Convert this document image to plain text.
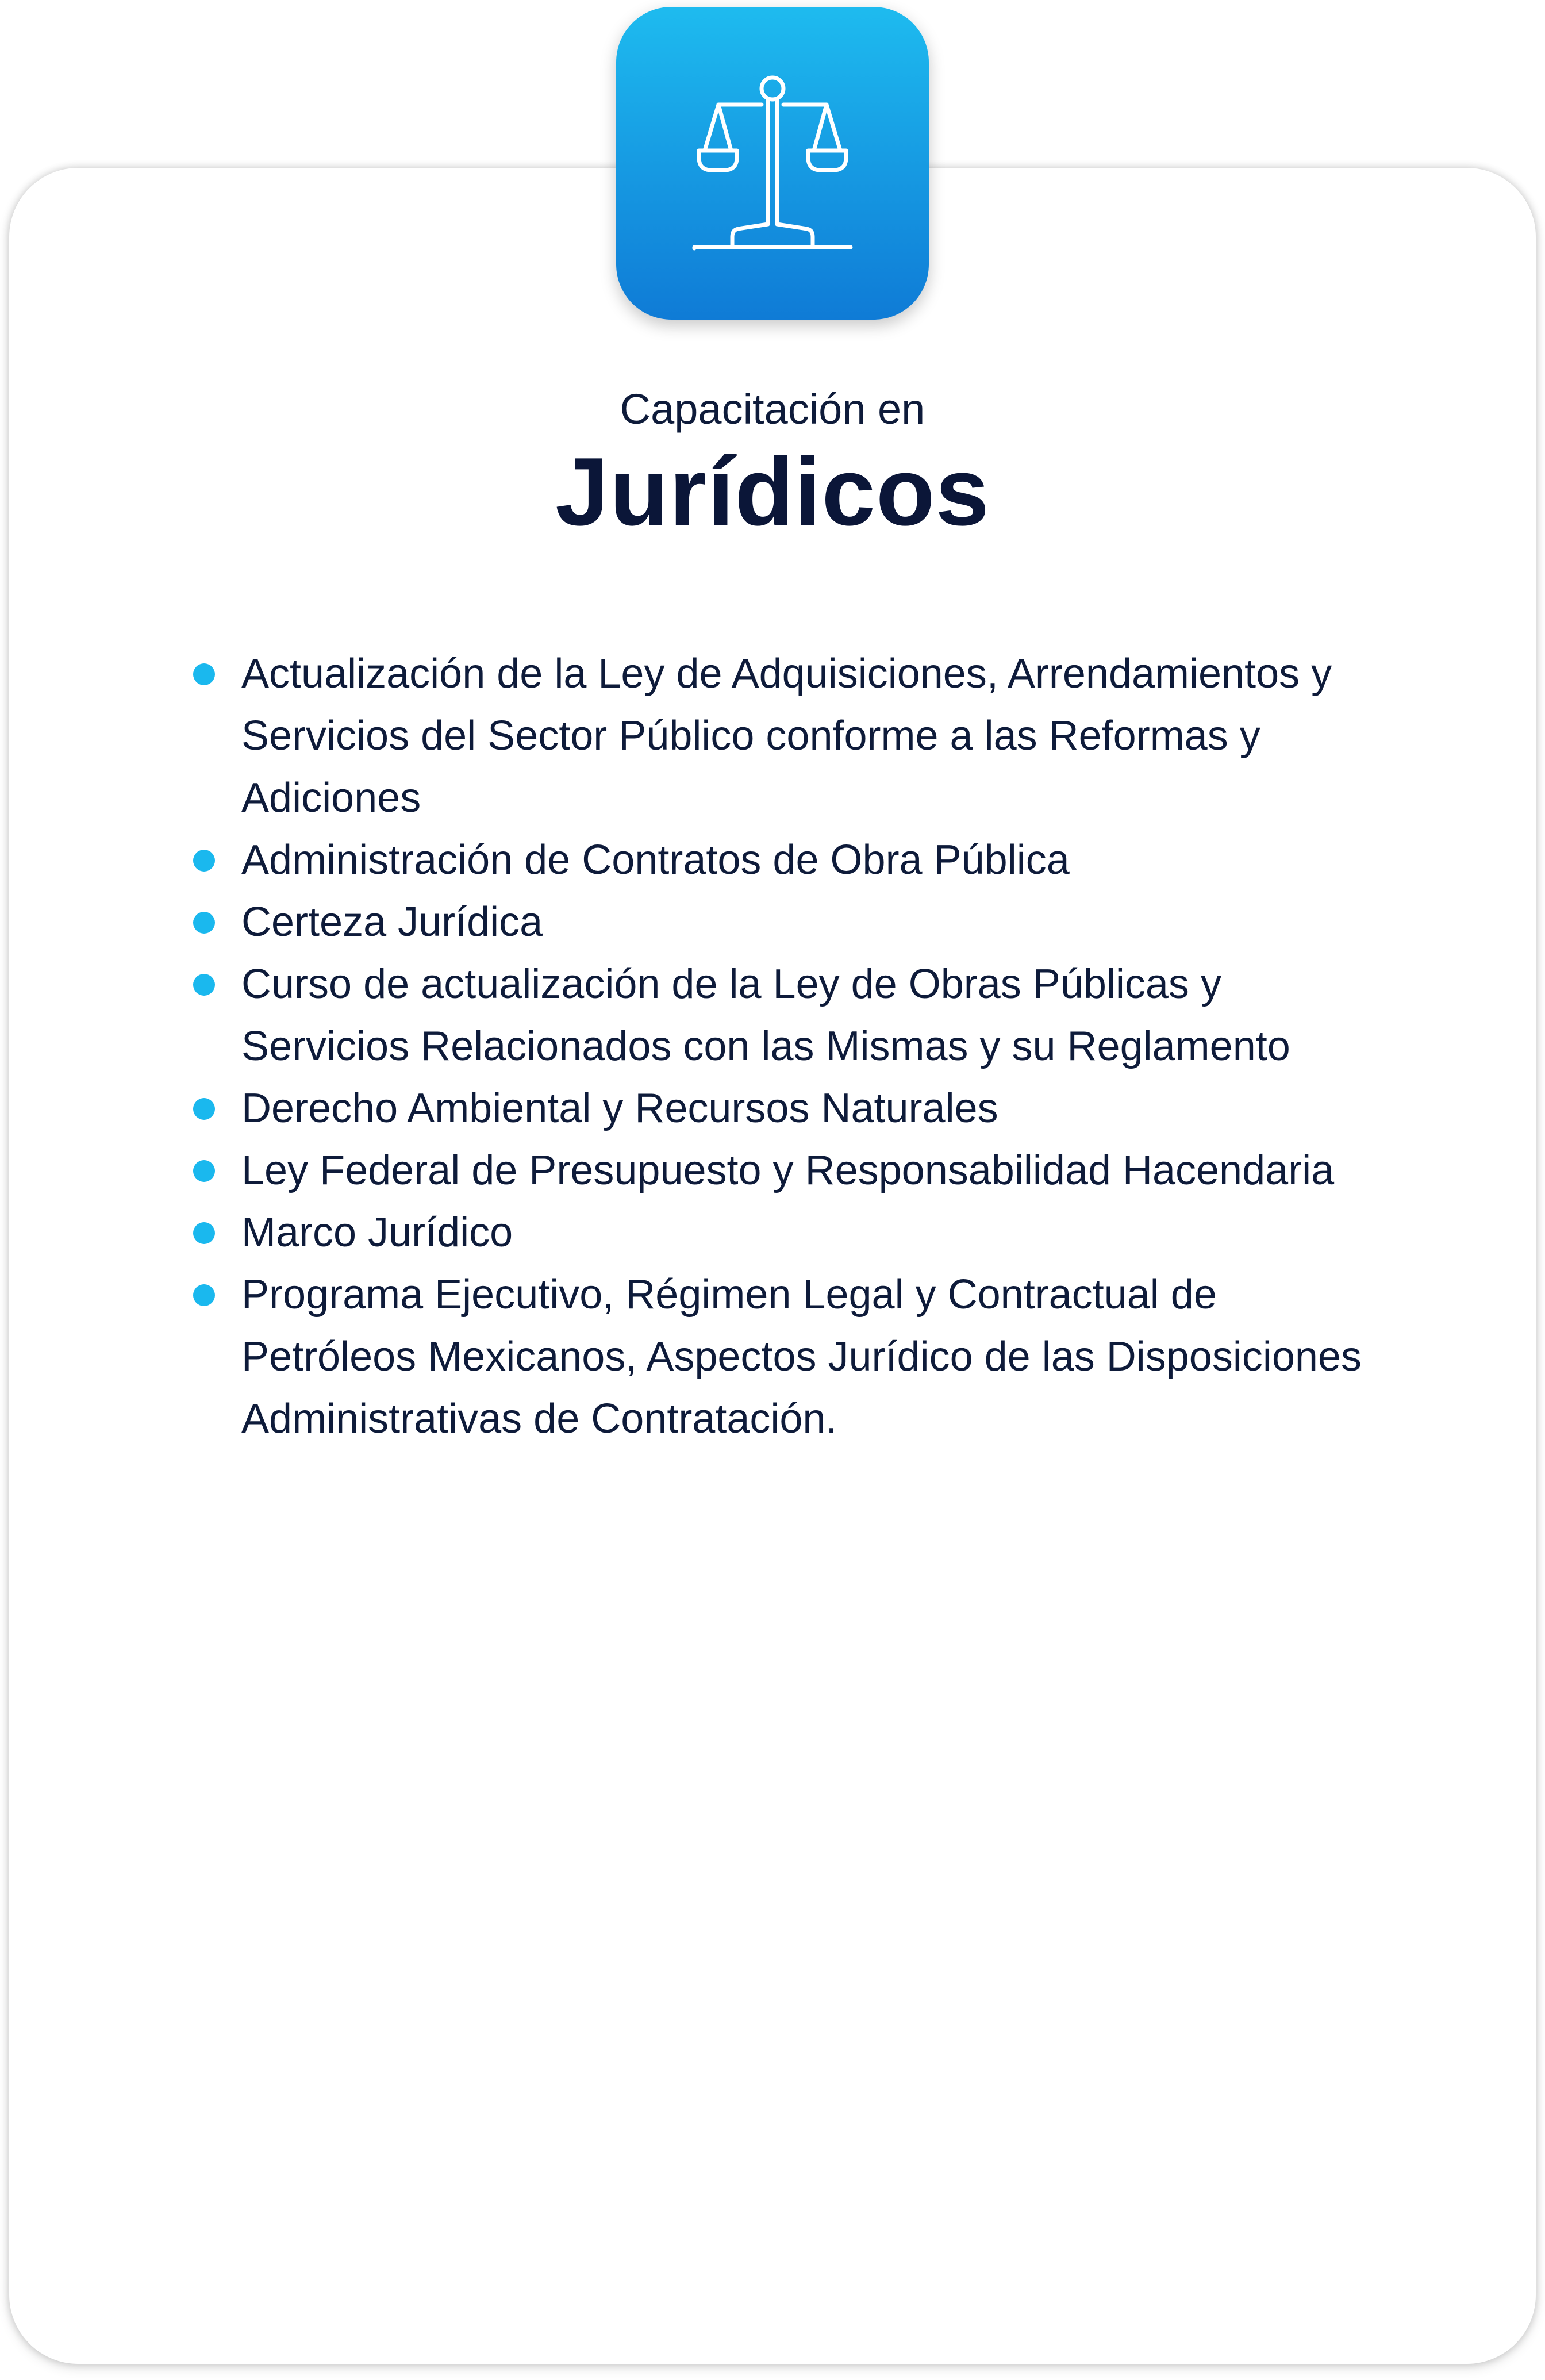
Capacitación en
Jurídicos
Actualización de la Ley de Adquisiciones, Arrendamientos y Servicios del Sector Público conforme a las Reformas y Adiciones
Administración de Contratos de Obra Pública
Certeza Jurídica
Curso de actualización de la Ley de Obras Públicas y Servicios Relacionados con las Mismas y su Reglamento
Derecho Ambiental y Recursos Naturales
Ley Federal de Presupuesto y Responsabilidad Hacendaria
Marco Jurídico
Programa Ejecutivo, Régimen Legal y Contractual de Petróleos Mexicanos, Aspectos Jurídico de las Disposiciones Administrativas de Contratación.
